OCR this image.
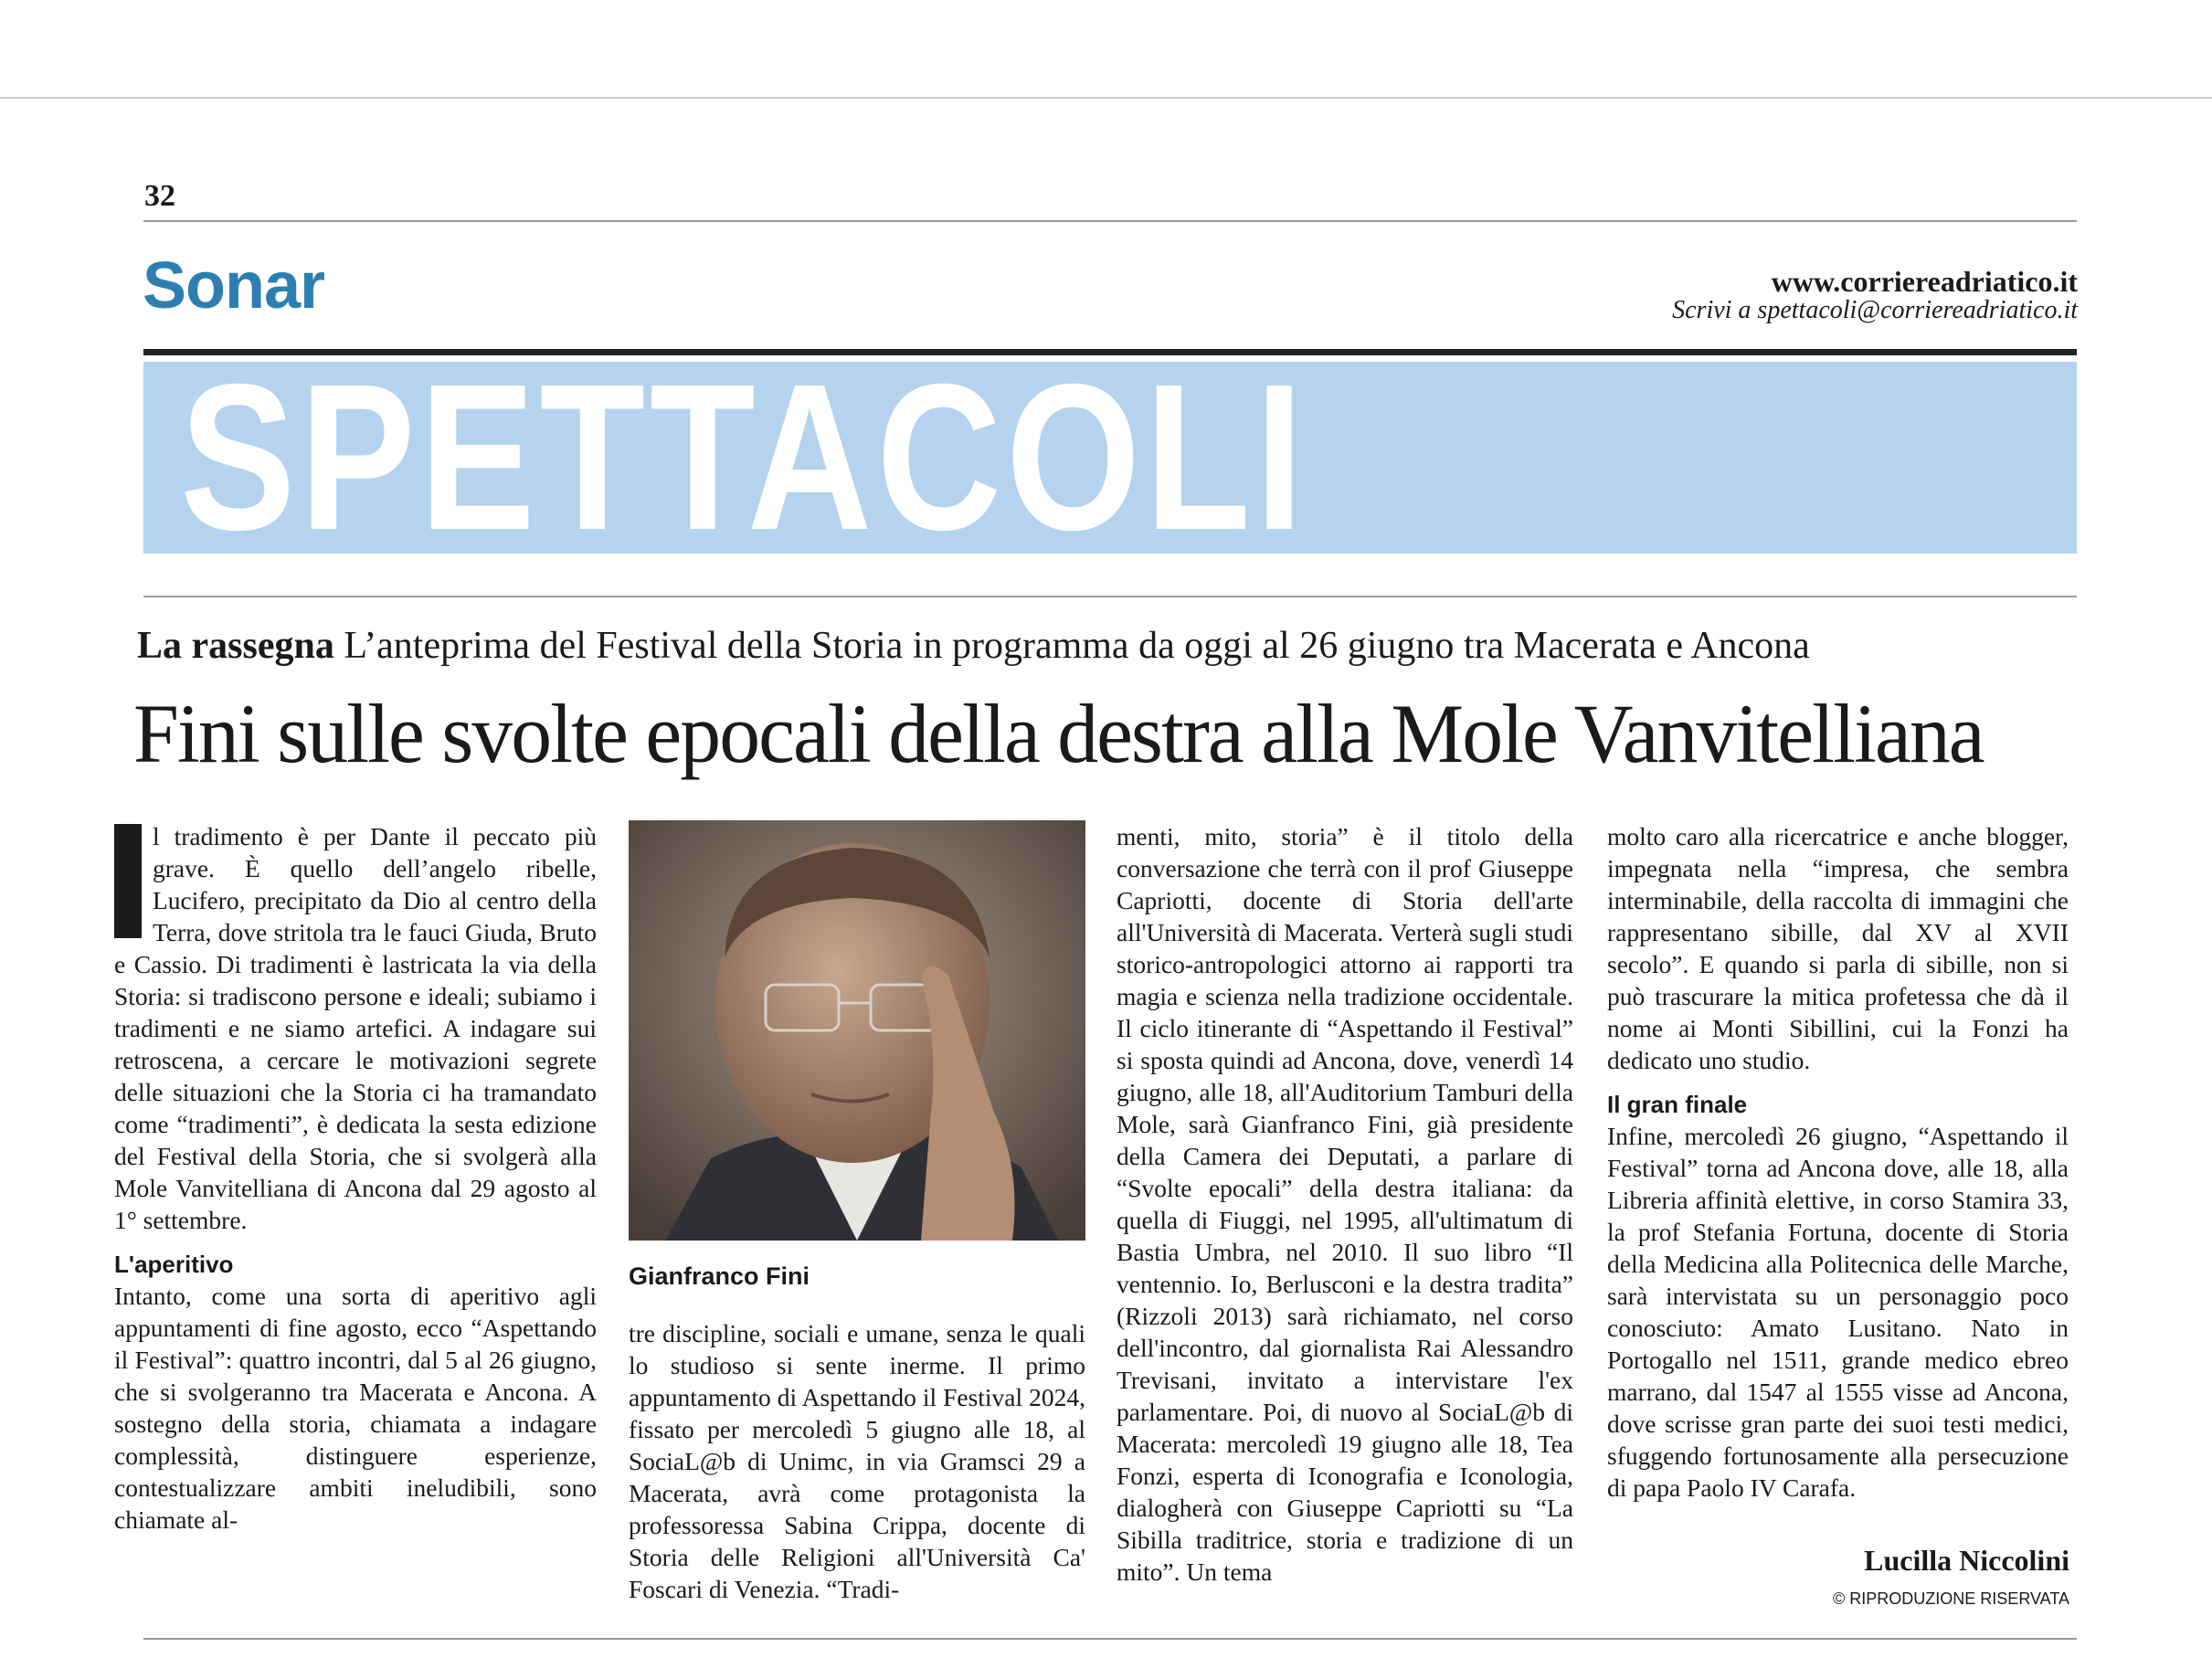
32
Sonar	www.corriereadriatico.it
Scrivi a spettacoli@corriereadriatico.it
SPETTACOLI
La rassegna L’anteprima del Festival della Storia in programma da oggi al 26 giugno tra Macerata e Ancona
Fini sulle svolte epocali della destra alla Mole Vanvitelliana

l tradimento è per Dante il peccato più grave. È quello dell’angelo ribelle, Lucifero, precipitato da Dio al centro della Terra, dove stritola tra le fauci Giuda, Bruto e Cassio. Di tradimenti è lastricata la via della Storia: si tradiscono persone e ideali; subiamo i tradimenti e ne siamo artefici. A indagare sui retroscena, a cercare le motivazioni segrete delle situazioni che la Storia ci ha tramandato come “tradimenti”, è dedicata la sesta edizione del Festival della Storia, che si svolgerà alla Mole Vanvitelliana di Ancona dal 29 agosto al 1° settembre.

L'aperitivo

Intanto, come una sorta di aperitivo agli appuntamenti di fine agosto, ecco “Aspettando il Festival”: quattro incontri, dal 5 al 26 giugno, che si svolgeranno tra Macerata e Ancona. A sostegno della storia, chiamata a indagare complessità, distinguere esperienze, contestualizzare ambiti ineludibili, sono chiamate al-

Gianfranco Fini

tre discipline, sociali e umane, senza le quali lo studioso si sente inerme. Il primo appuntamento di Aspettando il Festival 2024, fissato per mercoledì 5 giugno alle 18, al SociaL@b di Unimc, in via Gramsci 29 a Macerata, avrà come protagonista la professoressa Sabina Crippa, docente di Storia delle Religioni all'Università Ca' Foscari di Venezia. “Tradi-

menti, mito, storia” è il titolo della conversazione che terrà con il prof Giuseppe Capriotti, docente di Storia dell'arte all'Università di Macerata. Verterà sugli studi storico-antropologici attorno ai rapporti tra magia e scienza nella tradizione occidentale. Il ciclo itinerante di “Aspettando il Festival” si sposta quindi ad Ancona, dove, venerdì 14 giugno, alle 18, all'Auditorium Tamburi della Mole, sarà Gianfranco Fini, già presidente della Camera dei Deputati, a parlare di “Svolte epocali” della destra italiana: da quella di Fiuggi, nel 1995, all'ultimatum di Bastia Umbra, nel 2010. Il suo libro “Il ventennio. Io, Berlusconi e la destra tradita” (Rizzoli 2013) sarà richiamato, nel corso dell'incontro, dal giornalista Rai Alessandro Trevisani, invitato a intervistare l'ex parlamentare. Poi, di nuovo al SociaL@b di Macerata: mercoledì 19 giugno alle 18, Tea Fonzi, esperta di Iconografia e Iconologia, dialogherà con Giuseppe Capriotti su “La Sibilla traditrice, storia e tradizione di un mito”. Un tema

molto caro alla ricercatrice e anche blogger, impegnata nella “impresa, che sembra interminabile, della raccolta di immagini che rappresentano sibille, dal XV al XVII secolo”. E quando si parla di sibille, non si può trascurare la mitica profetessa che dà il nome ai Monti Sibillini, cui la Fonzi ha dedicato uno studio.

Il gran finale

Infine, mercoledì 26 giugno, “Aspettando il Festival” torna ad Ancona dove, alle 18, alla Libreria affinità elettive, in corso Stamira 33, la prof Stefania Fortuna, docente di Storia della Medicina alla Politecnica delle Marche, sarà intervistata su un personaggio poco conosciuto: Amato Lusitano. Nato in Portogallo nel 1511, grande medico ebreo marrano, dal 1547 al 1555 visse ad Ancona, dove scrisse gran parte dei suoi testi medici, sfuggendo fortunosamente alla persecuzione di papa Paolo IV Carafa.

Lucilla Niccolini
© RIPRODUZIONE RISERVATA
